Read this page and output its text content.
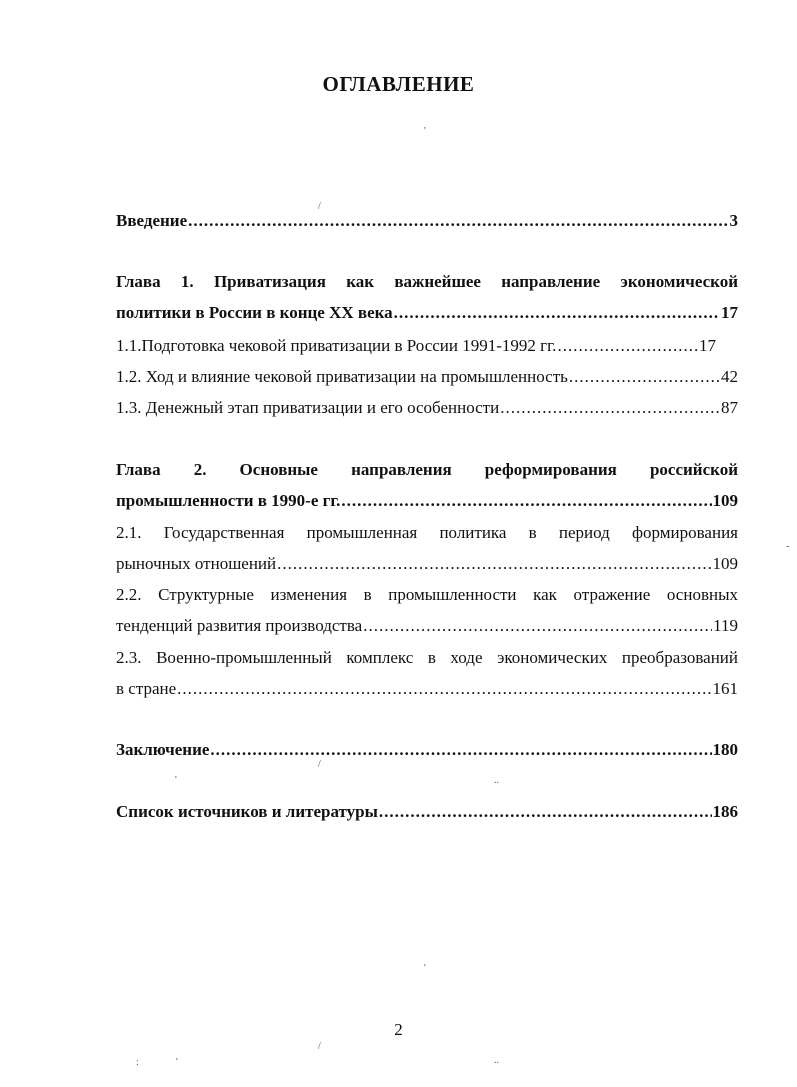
ОГЛАВЛЕНИЕ
Введение .....	3
Глава 1. Приватизация как важнейшее направление экономической
политики в России в конце XX века .....	17
1.1.Подготовка чековой приватизации в России 1991-1992 гг. .....	17
1.2. Ход и влияние чековой приватизации на промышленность .....	42
1.3. Денежный этап приватизации и его особенности .....	87
Глава 2. Основные направления реформирования российской
промышленности в 1990-е гг. .....	109
2.1. Государственная промышленная политика в период формирования
рыночных отношений .....	109
2.2. Структурные изменения в промышленности как отражение основных
тенденций развития производства .....	119
2.3. Военно-промышленный комплекс в ходе экономических преобразований
в стране .....	161
Заключение .....	180
Список источников и литературы .....	186
2
'
/
/
'	..
-
'
/
:	'	..
